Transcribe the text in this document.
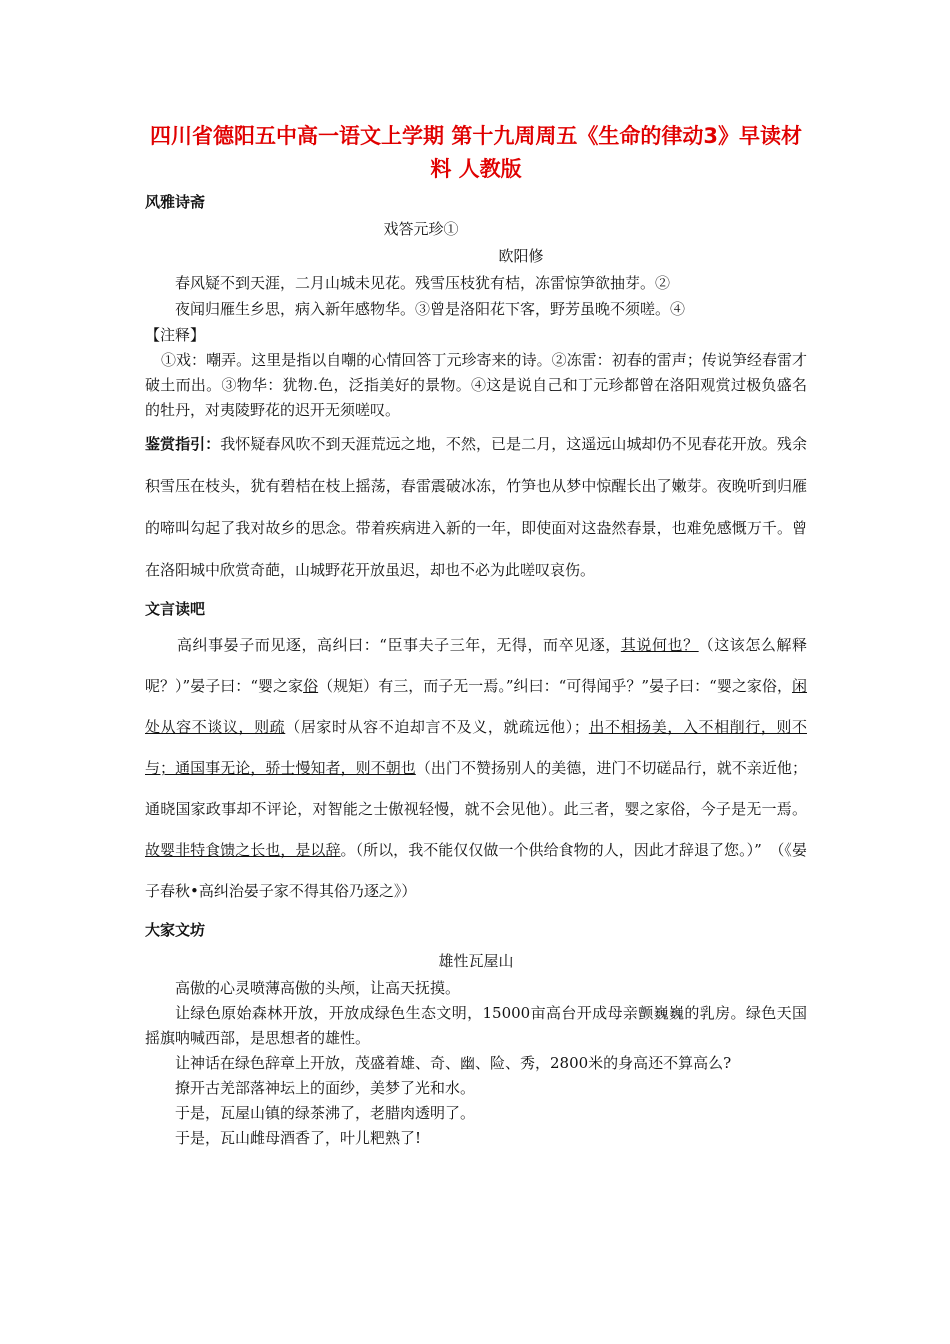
四川省德阳五中高一语文上学期 第十九周周五《生命的律动3》早读材料 人教版
风雅诗斋
戏答元珍①
欧阳修

春风疑不到天涯，二月山城未见花。残雪压枝犹有桔，冻雷惊笋欲抽芽。②

夜闻归雁生乡思，病入新年感物华。③曾是洛阳花下客，野芳虽晚不须嗟。④

【注释】

①戏：嘲弄。这里是指以自嘲的心情回答丁元珍寄来的诗。②冻雷：初春的雷声；传说笋经春雷才破土而出。③物华：犹物.色，泛指美好的景物。④这是说自己和丁元珍都曾在洛阳观赏过极负盛名的牡丹，对夷陵野花的迟开无须嗟叹。

鉴赏指引：我怀疑春风吹不到天涯荒远之地，不然，已是二月，这遥远山城却仍不见春花开放。残余积雪压在枝头，犹有碧桔在枝上摇荡，春雷震破冰冻，竹笋也从梦中惊醒长出了嫩芽。夜晚听到归雁的啼叫勾起了我对故乡的思念。带着疾病进入新的一年，即使面对这盎然春景，也难免感慨万千。曾在洛阳城中欣赏奇葩，山城野花开放虽迟，却也不必为此嗟叹哀伤。

文言读吧

高纠事晏子而见逐，高纠曰：“臣事夫子三年，无得，而卒见逐，其说何也？（这该怎么解释呢？）”晏子曰：“婴之家俗（规矩）有三，而子无一焉。”纠曰：“可得闻乎？”晏子曰：“婴之家俗，闲处从容不谈议，则疏（居家时从容不迫却言不及义，就疏远他）；出不相扬美，入不相削行，则不与；通国事无论，骄士慢知者，则不朝也（出门不赞扬别人的美德，进门不切磋品行，就不亲近他；通晓国家政事却不评论，对智能之士傲视轻慢，就不会见他）。此三者，婴之家俗，今子是无一焉。故婴非特食馈之长也，是以辞。（所以，我不能仅仅做一个供给食物的人，因此才辞退了您。）”　（《晏子春秋•高纠治晏子家不得其俗乃逐之》）

大家文坊
雄性瓦屋山

高傲的心灵喷薄高傲的头颅，让高天抚摸。

让绿色原始森林开放，开放成绿色生态文明，15000亩高台开成母亲颤巍巍的乳房。绿色天国摇旗呐喊西部，是思想者的雄性。

让神话在绿色辞章上开放，茂盛着雄、奇、幽、险、秀，2800米的身高还不算高么?

撩开古羌部落神坛上的面纱，美梦了光和水。

于是，瓦屋山镇的绿茶沸了，老腊肉透明了。

于是，瓦山雌母酒香了，叶儿粑熟了!
